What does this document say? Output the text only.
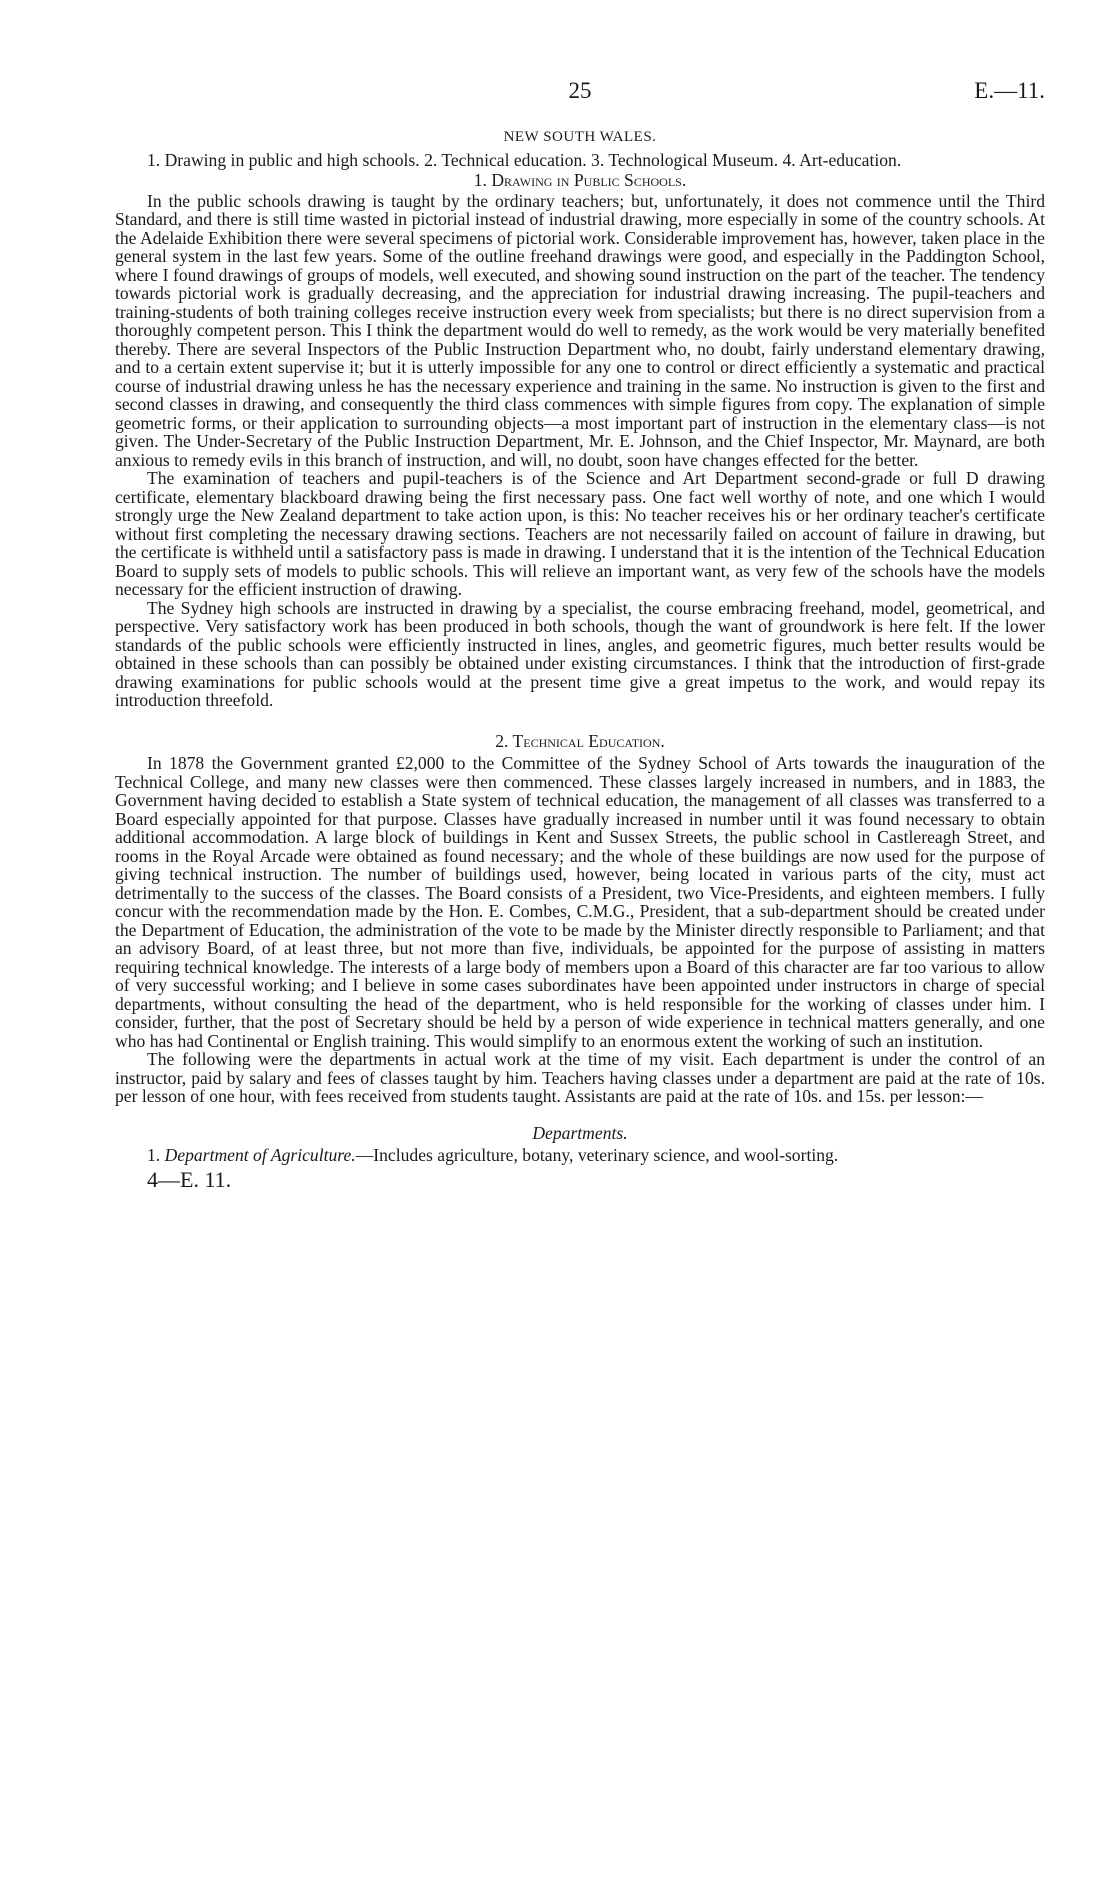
25	E.—11.
NEW SOUTH WALES.

1. Drawing in public and high schools. 2. Technical education. 3. Technological Museum. 4. Art-education.

1. Drawing in Public Schools.

In the public schools drawing is taught by the ordinary teachers; but, unfortunately, it does not commence until the Third Standard, and there is still time wasted in pictorial instead of industrial drawing, more especially in some of the country schools. At the Adelaide Exhibition there were several specimens of pictorial work. Considerable improvement has, however, taken place in the general system in the last few years. Some of the outline freehand drawings were good, and especially in the Paddington School, where I found drawings of groups of models, well executed, and showing sound instruction on the part of the teacher. The tendency towards pictorial work is gradually decreasing, and the appreciation for industrial drawing increasing. The pupil-teachers and training-students of both training colleges receive instruction every week from specialists; but there is no direct supervision from a thoroughly competent person. This I think the department would do well to remedy, as the work would be very materially benefited thereby. There are several Inspectors of the Public Instruction Department who, no doubt, fairly understand elementary drawing, and to a certain extent supervise it; but it is utterly impossible for any one to control or direct efficiently a systematic and practical course of industrial drawing unless he has the necessary experience and training in the same. No instruction is given to the first and second classes in drawing, and consequently the third class commences with simple figures from copy. The explanation of simple geometric forms, or their application to surrounding objects—a most important part of instruction in the elementary class—is not given. The Under-Secretary of the Public Instruction Department, Mr. E. Johnson, and the Chief Inspector, Mr. Maynard, are both anxious to remedy evils in this branch of instruction, and will, no doubt, soon have changes effected for the better.

The examination of teachers and pupil-teachers is of the Science and Art Department second-grade or full D drawing certificate, elementary blackboard drawing being the first necessary pass. One fact well worthy of note, and one which I would strongly urge the New Zealand department to take action upon, is this: No teacher receives his or her ordinary teacher's certificate without first completing the necessary drawing sections. Teachers are not necessarily failed on account of failure in drawing, but the certificate is withheld until a satisfactory pass is made in drawing. I understand that it is the intention of the Technical Education Board to supply sets of models to public schools. This will relieve an important want, as very few of the schools have the models necessary for the efficient instruction of drawing.

The Sydney high schools are instructed in drawing by a specialist, the course embracing freehand, model, geometrical, and perspective. Very satisfactory work has been produced in both schools, though the want of groundwork is here felt. If the lower standards of the public schools were efficiently instructed in lines, angles, and geometric figures, much better results would be obtained in these schools than can possibly be obtained under existing circumstances. I think that the introduction of first-grade drawing examinations for public schools would at the present time give a great impetus to the work, and would repay its introduction threefold.

2. Technical Education.

In 1878 the Government granted £2,000 to the Committee of the Sydney School of Arts towards the inauguration of the Technical College, and many new classes were then commenced. These classes largely increased in numbers, and in 1883, the Government having decided to establish a State system of technical education, the management of all classes was transferred to a Board especially appointed for that purpose. Classes have gradually increased in number until it was found necessary to obtain additional accommodation. A large block of buildings in Kent and Sussex Streets, the public school in Castlereagh Street, and rooms in the Royal Arcade were obtained as found necessary; and the whole of these buildings are now used for the purpose of giving technical instruction. The number of buildings used, however, being located in various parts of the city, must act detrimentally to the success of the classes. The Board consists of a President, two Vice-Presidents, and eighteen members. I fully concur with the recommendation made by the Hon. E. Combes, C.M.G., President, that a sub-department should be created under the Department of Education, the administration of the vote to be made by the Minister directly responsible to Parliament; and that an advisory Board, of at least three, but not more than five, individuals, be appointed for the purpose of assisting in matters requiring technical knowledge. The interests of a large body of members upon a Board of this character are far too various to allow of very successful working; and I believe in some cases subordinates have been appointed under instructors in charge of special departments, without consulting the head of the department, who is held responsible for the working of classes under him. I consider, further, that the post of Secretary should be held by a person of wide experience in technical matters generally, and one who has had Continental or English training. This would simplify to an enormous extent the working of such an institution.

The following were the departments in actual work at the time of my visit. Each department is under the control of an instructor, paid by salary and fees of classes taught by him. Teachers having classes under a department are paid at the rate of 10s. per lesson of one hour, with fees received from students taught. Assistants are paid at the rate of 10s. and 15s. per lesson:—

Departments.

1. Department of Agriculture.—Includes agriculture, botany, veterinary science, and wool-sorting.

4—E. 11.
